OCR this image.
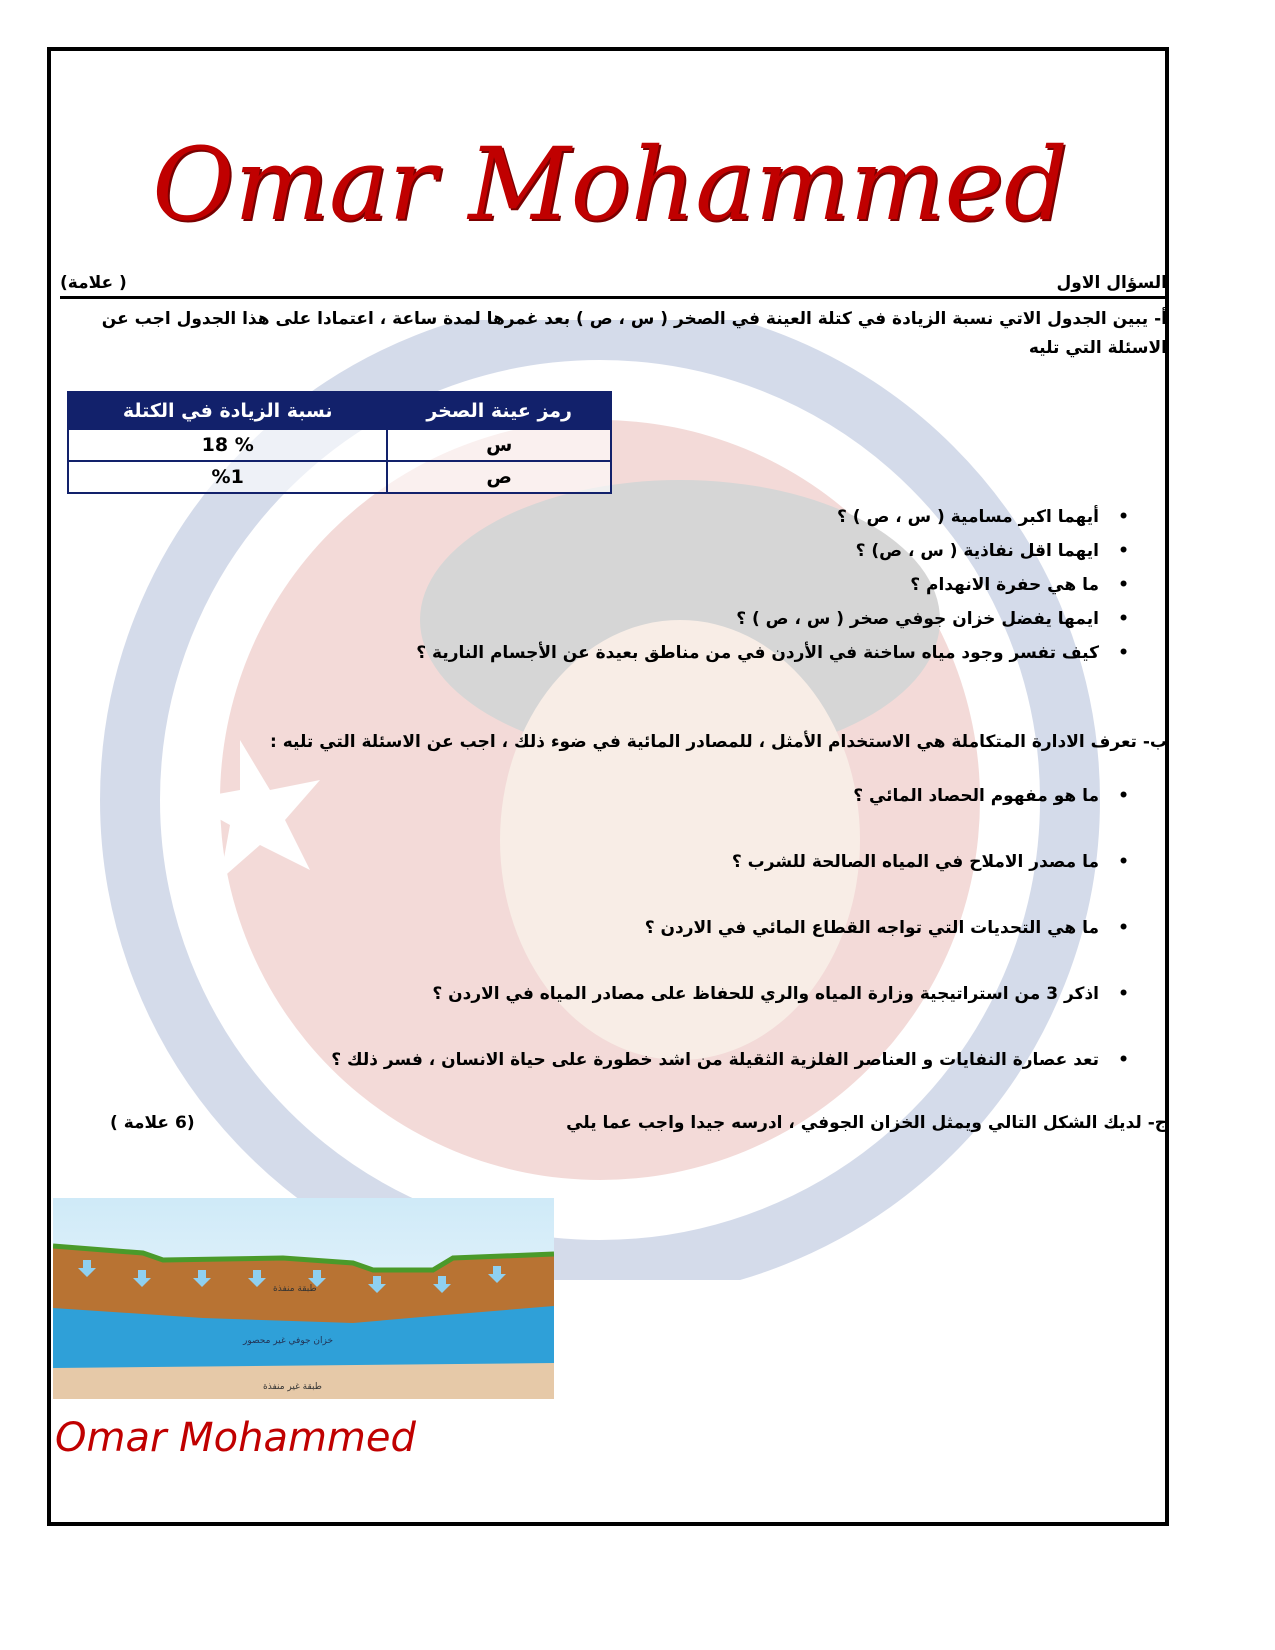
Omar Mohammed
السؤال الاول
( علامة)
أ- يبين الجدول الاتي نسبة الزيادة في كتلة العينة في الصخر ( س ، ص ) بعد غمرها لمدة ساعة ، اعتمادا على هذا الجدول اجب عن الاسئلة التي تليه
رمز عينة الصخر	نسبة الزيادة في الكتلة
س	% 18
ص	%1
• أيهما اكبر مسامية ( س ، ص ) ؟
• ايهما اقل نفاذية ( س ، ص) ؟
• ما هي حفرة الانهدام ؟
• ايمها يفضل خزان جوفي صخر ( س ، ص ) ؟
• كيف تفسر وجود مياه ساخنة في الأردن في من مناطق بعيدة عن الأجسام النارية ؟
ب- تعرف الادارة المتكاملة هي الاستخدام الأمثل ، للمصادر المائية في ضوء ذلك ، اجب عن الاسئلة التي تليه :
• ما هو مفهوم الحصاد المائي ؟
• ما مصدر الاملاح في المياه الصالحة للشرب ؟
• ما هي التحديات التي تواجه القطاع المائي في الاردن ؟
• اذكر 3 من استراتيجية وزارة المياه والري للحفاظ على مصادر المياه في الاردن ؟
• تعد عصارة النفايات و العناصر الفلزية الثقيلة من اشد خطورة على حياة الانسان ، فسر ذلك ؟
ج- لديك الشكل التالي ويمثل الخزان الجوفي ، ادرسه جيدا واجب عما يلي
(6 علامة )
طبقة منفذة
خزان جوفي غير محصور
طبقة غير منفذة
Omar Mohammed
